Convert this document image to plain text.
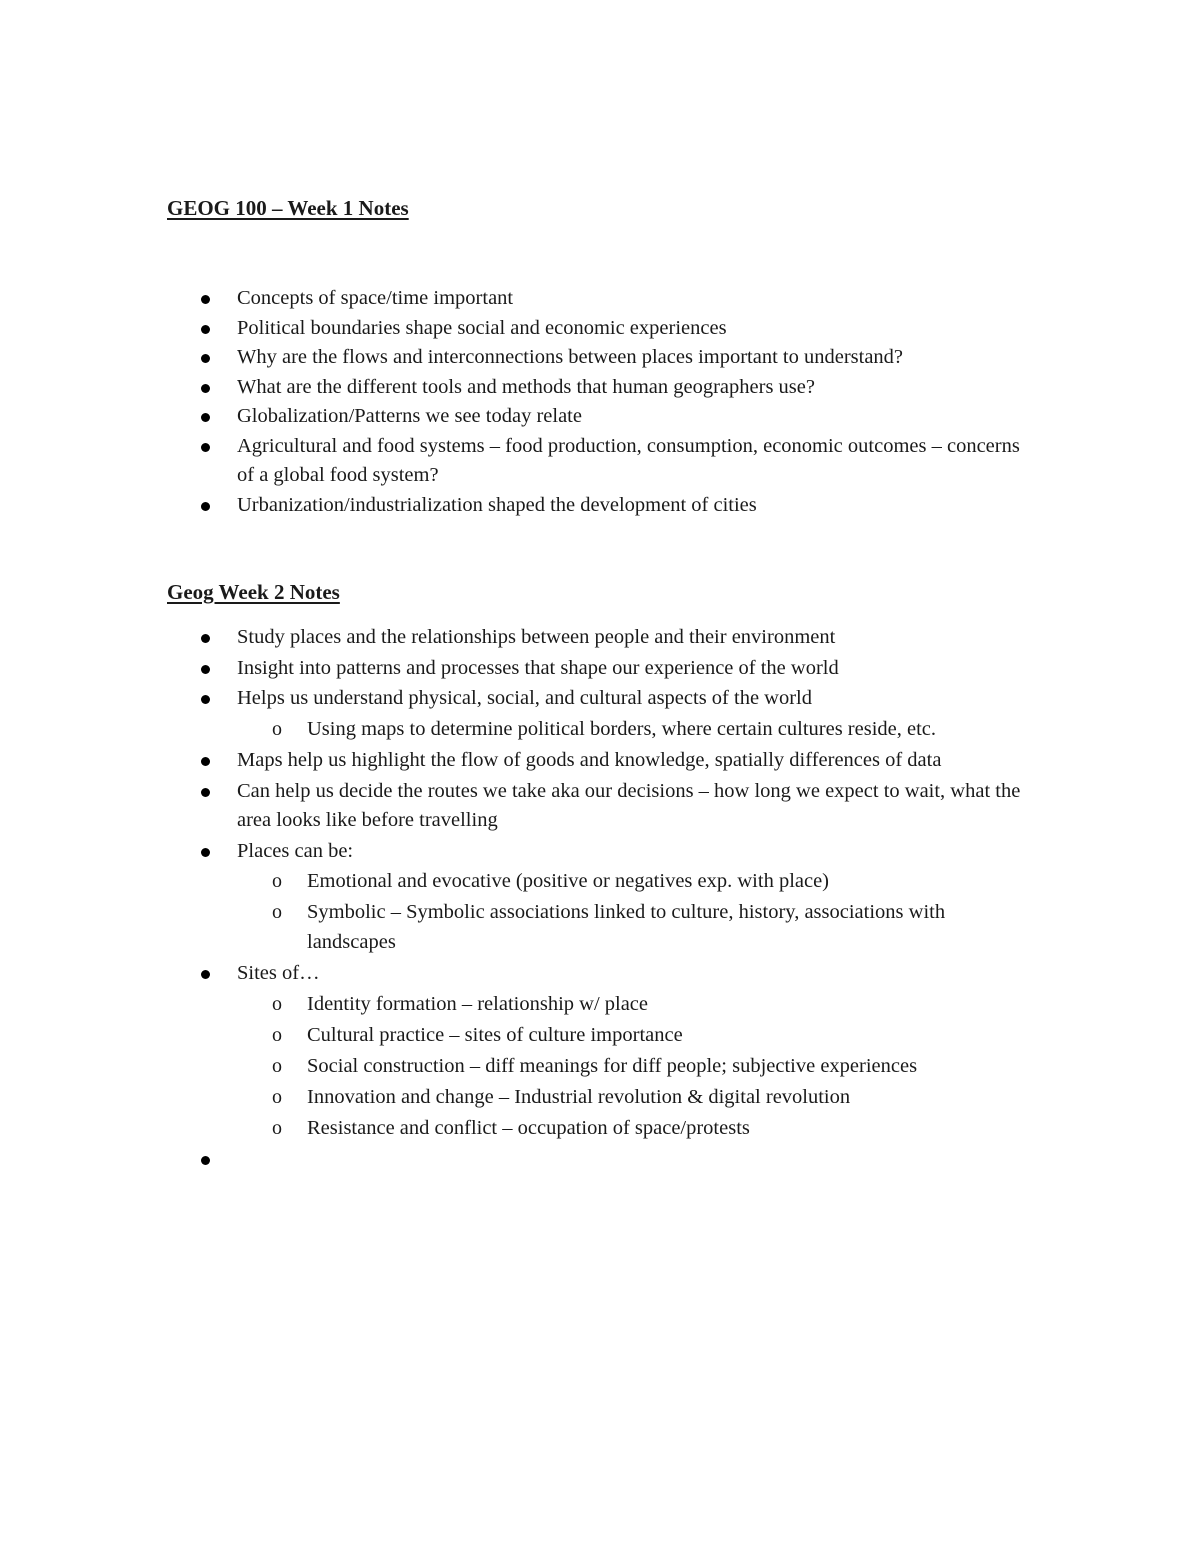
GEOG 100 – Week 1 Notes
Concepts of space/time important
Political boundaries shape social and economic experiences
Why are the flows and interconnections between places important to understand?
What are the different tools and methods that human geographers use?
Globalization/Patterns we see today relate
Agricultural and food systems – food production, consumption, economic outcomes – concerns of a global food system?
Urbanization/industrialization shaped the development of cities
Geog Week 2 Notes
Study places and the relationships between people and their environment
Insight into patterns and processes that shape our experience of the world
Helps us understand physical, social, and cultural aspects of the world
o Using maps to determine political borders, where certain cultures reside, etc.
Maps help us highlight the flow of goods and knowledge, spatially differences of data
Can help us decide the routes we take aka our decisions – how long we expect to wait, what the area looks like before travelling
Places can be:
o Emotional and evocative (positive or negatives exp. with place)
o Symbolic – Symbolic associations linked to culture, history, associations with landscapes
Sites of…
o Identity formation – relationship w/ place
o Cultural practice – sites of culture importance
o Social construction – diff meanings for diff people; subjective experiences
o Innovation and change – Industrial revolution & digital revolution
o Resistance and conflict – occupation of space/protests
